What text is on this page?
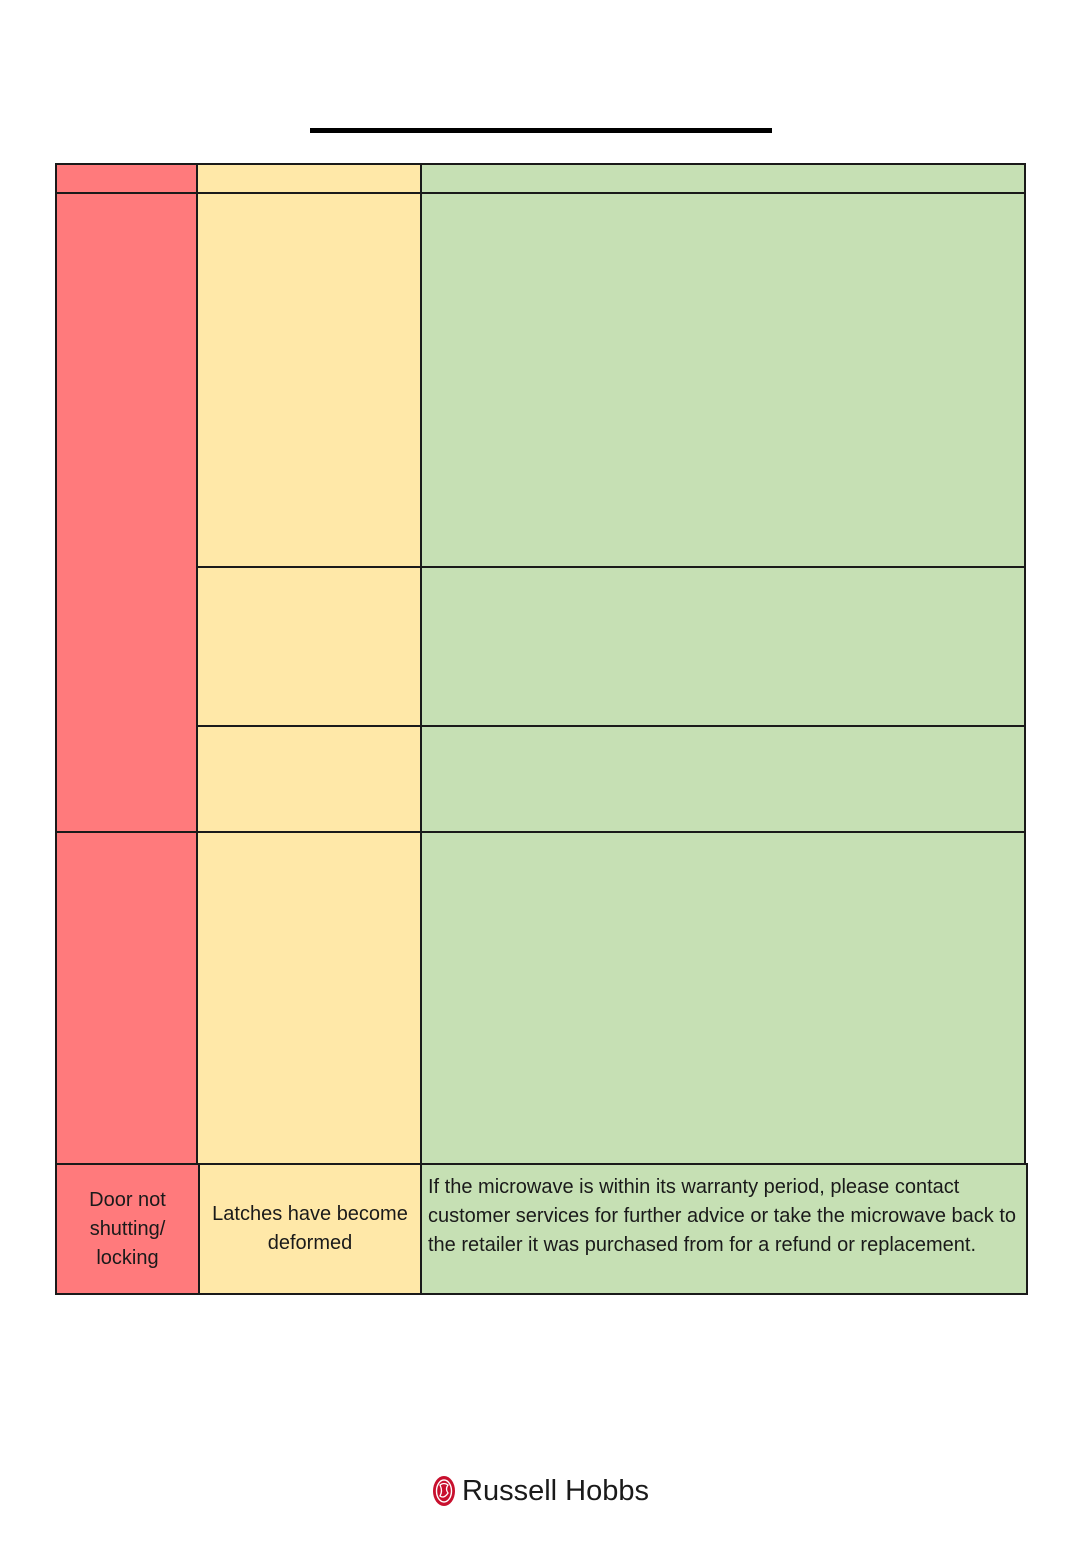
Door not shutting/ locking
Latches have become deformed
If the microwave is within its warranty period, please contact customer services for further advice or take the microwave back to the retailer it was purchased from for a refund or replacement.
Russell Hobbs
